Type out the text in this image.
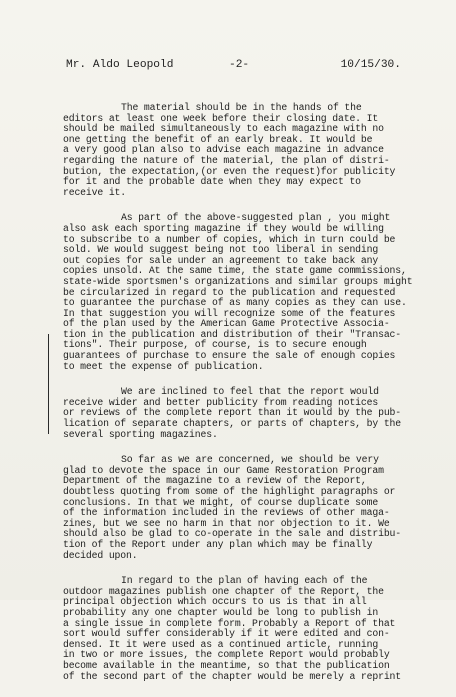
Mr. Aldo Leopold

	-2-

	10/15/30.

The material should be in the hands of the
editors at least one week before their closing date. It
should be mailed simultaneously to each magazine with no
one getting the benefit of an early break. It would be
a very good plan also to advise each magazine in advance
regarding the nature of the material, the plan of distri-
bution, the expectation,(or even the request)for publicity
for it and the probable date when they may expect to
receive it.
As part of the above-suggested plan , you might
also ask each sporting magazine if they would be willing
to subscribe to a number of copies, which in turn could be
sold. We would suggest being not too liberal in sending
out copies for sale under an agreement to take back any
copies unsold. At the same time, the state game commissions,
state-wide sportsmen's organizations and similar groups might
be circularized in regard to the publication and requested
to guarantee the purchase of as many copies as they can use.
In that suggestion you will recognize some of the features
of the plan used by the American Game Protective Associa-
tion in the publication and distribution of their "Transac-
tions". Their purpose, of course, is to secure enough
guarantees of purchase to ensure the sale of enough copies
to meet the expense of publication.
We are inclined to feel that the report would
receive wider and better publicity from reading notices
or reviews of the complete report than it would by the pub-
lication of separate chapters, or parts of chapters, by the
several sporting magazines.
So far as we are concerned, we should be very
glad to devote the space in our Game Restoration Program
Department of the magazine to a review of the Report,
doubtless quoting from some of the highlight paragraphs or
conclusions. In that we might, of course duplicate some
of the information included in the reviews of other maga-
zines, but we see no harm in that nor objection to it. We
should also be glad to co-operate in the sale and distribu-
tion of the Report under any plan which may be finally
decided upon.
In regard to the plan of having each of the
outdoor magazines publish one chapter of the Report, the
principal objection which occurs to us is that in all
probability any one chapter would be long to publish in
a single issue in complete form. Probably a Report of that
sort would suffer considerably if it were edited and con-
densed. It it were used as a continued article, running
in two or more issues, the complete Report would probably
become available in the meantime, so that the publication
of the second part of the chapter would be merely a reprint
